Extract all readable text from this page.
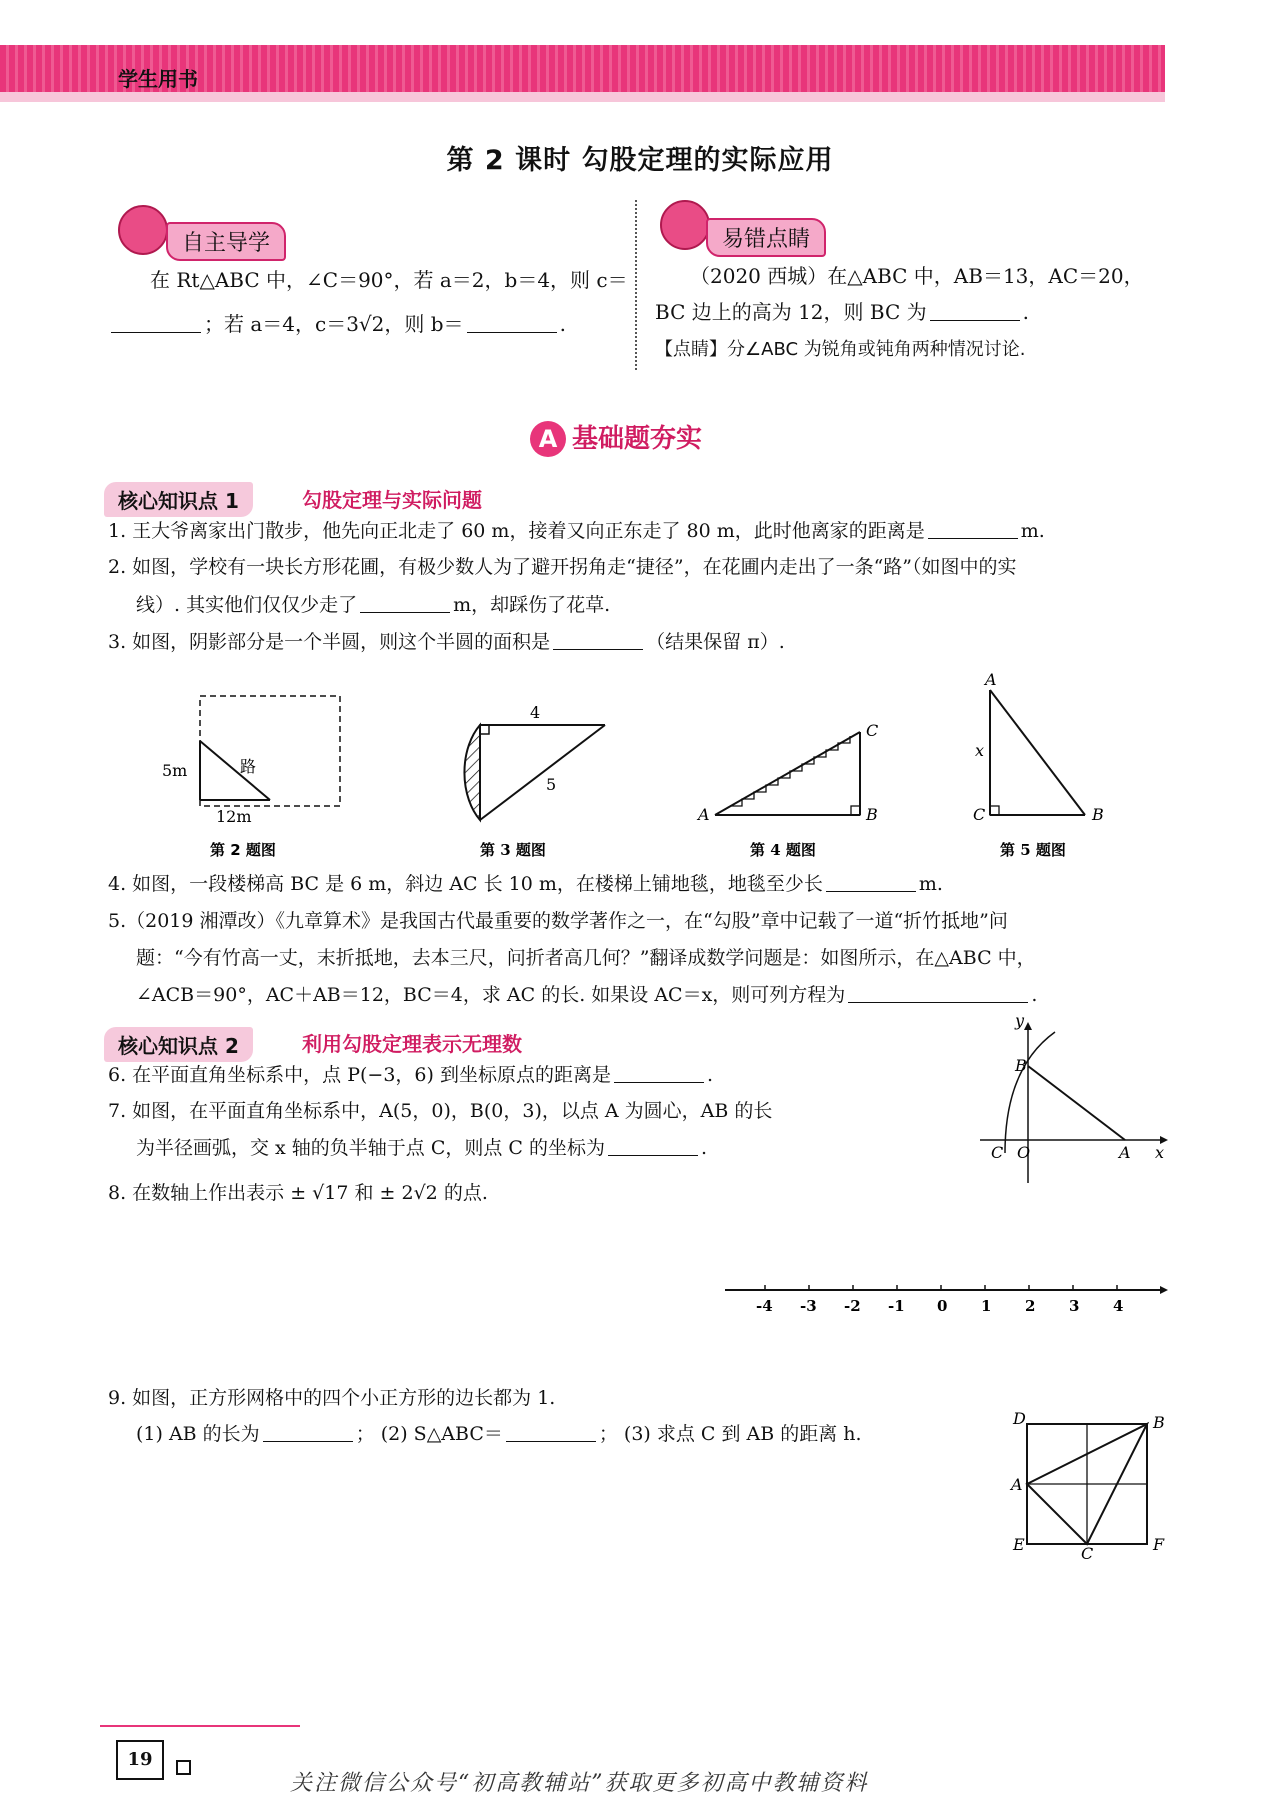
学生用书
第 2 课时 勾股定理的实际应用
自主导学
在 Rt△ABC 中，∠C＝90°，若 a＝2，b＝4，则 c＝
；若 a＝4，c＝3√2，则 b＝	.
易错点睛
（2020 西城）在△ABC 中，AB＝13，AC＝20，
BC 边上的高为 12，则 BC 为	.
【点睛】分∠ABC 为锐角或钝角两种情况讨论.
A 基础题夯实
核心知识点 1	勾股定理与实际问题
1. 王大爷离家出门散步，他先向正北走了 60 m，接着又向正东走了 80 m，此时他离家的距离是	m.
2. 如图，学校有一块长方形花圃，有极少数人为了避开拐角走“捷径”，在花圃内走出了一条“路”（如图中的实
线）. 其实他们仅仅少走了	m，却踩伤了花草.
3. 如图，阴影部分是一个半圆，则这个半圆的面积是	（结果保留 π）.
5m	路
12m
4
5
A	B
C
A
C	B
x
第 2 题图	第 3 题图	第 4 题图	第 5 题图
4. 如图，一段楼梯高 BC 是 6 m，斜边 AC 长 10 m，在楼梯上铺地毯，地毯至少长	m.
5.（2019 湘潭改）《九章算术》是我国古代最重要的数学著作之一，在“勾股”章中记载了一道“折竹抵地”问
题：“今有竹高一丈，末折抵地，去本三尺，问折者高几何？”翻译成数学问题是：如图所示，在△ABC 中，
∠ACB＝90°，AC＋AB＝12，BC＝4，求 AC 的长. 如果设 AC＝x，则可列方程为	.
核心知识点 2	利用勾股定理表示无理数
6. 在平面直角坐标系中，点 P(−3，6) 到坐标原点的距离是	.
7. 如图，在平面直角坐标系中，A(5，0)，B(0，3)，以点 A 为圆心，AB 的长
为半径画弧，交 x 轴的负半轴于点 C，则点 C 的坐标为	.
y
B
C O	A x
8. 在数轴上作出表示 ± √17 和 ± 2√2 的点.
-4 -3 -2 -1 0 1 2 3 4
9. 如图，正方形网格中的四个小正方形的边长都为 1.
(1) AB 的长为	； (2) S△ABC＝	； (3) 求点 C 到 AB 的距离 h.
D	B
A
E	C	F
19
关注微信公众号“初高教辅站”获取更多初高中教辅资料
